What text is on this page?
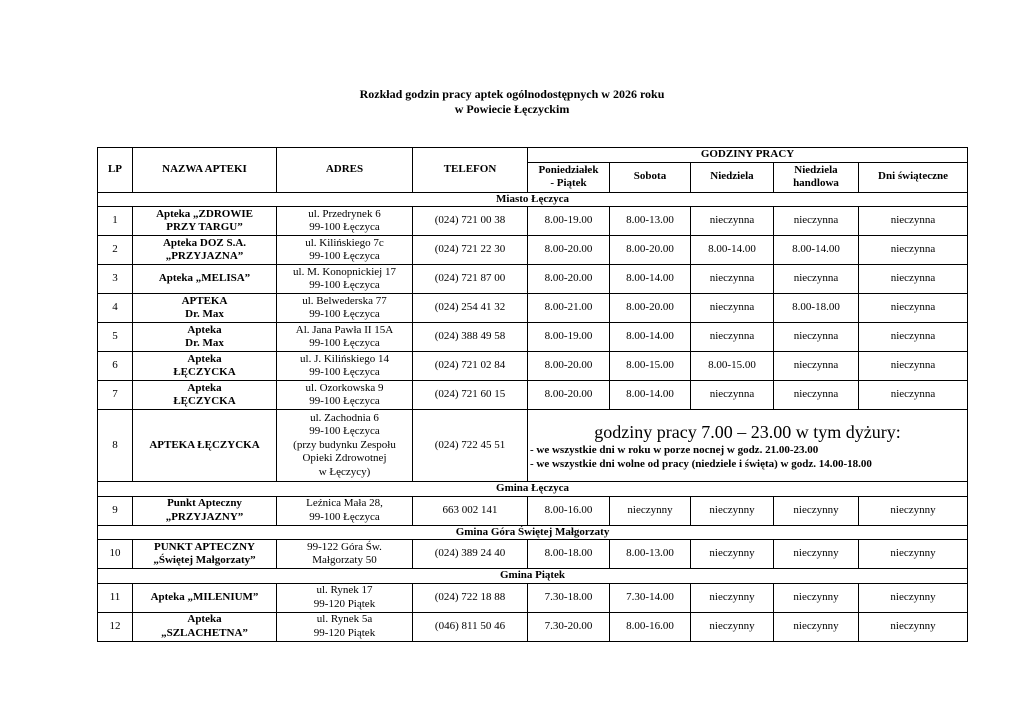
Rozkład godzin pracy aptek ogólnodostępnych w 2026 roku
w Powiecie Łęczyckim
LP	NAZWA APTEKI	ADRES	TELEFON	GODZINY PRACY				

				Poniedziałek
- Piątek	Sobota	Niedziela	Niedziela
handlowa	Dni świąteczne
Miasto Łęczyca								
1	Apteka „ZDROWIE
PRZY TARGU”	ul. Przedrynek 6
99-100 Łęczyca	(024) 721 00 38	8.00-19.00	8.00-13.00	nieczynna	nieczynna	nieczynna
2	Apteka DOZ S.A.
„PRZYJAZNA”	ul. Kilińskiego 7c
99-100 Łęczyca	(024) 721 22 30	8.00-20.00	8.00-20.00	8.00-14.00	8.00-14.00	nieczynna
3	Apteka „MELISA”	ul. M. Konopnickiej 17
99-100 Łęczyca	(024) 721 87 00	8.00-20.00	8.00-14.00	nieczynna	nieczynna	nieczynna
4	APTEKA
Dr. Max	ul. Belwederska 77
99-100 Łęczyca	(024) 254 41 32	8.00-21.00	8.00-20.00	nieczynna	8.00-18.00	nieczynna
5	Apteka
Dr. Max	Al. Jana Pawła II 15A
99-100 Łęczyca	(024) 388 49 58	8.00-19.00	8.00-14.00	nieczynna	nieczynna	nieczynna
6	Apteka
ŁĘCZYCKA	ul. J. Kilińskiego 14
99-100 Łęczyca	(024) 721 02 84	8.00-20.00	8.00-15.00	8.00-15.00	nieczynna	nieczynna
7	Apteka
ŁĘCZYCKA	ul. Ozorkowska 9
99-100 Łęczyca	(024) 721 60 15	8.00-20.00	8.00-14.00	nieczynna	nieczynna	nieczynna
8	APTEKA ŁĘCZYCKA	ul. Zachodnia 6
99-100 Łęczyca
(przy budynku Zespołu
Opieki Zdrowotnej
w Łęczycy)	(024) 722 45 51	godziny pracy 7.00 – 23.00 w tym dyżury:
- we wszystkie dni w roku w porze nocnej w godz. 21.00-23.00
- we wszystkie dni wolne od pracy (niedziele i święta) w godz. 14.00-18.00				

Gmina Łęczyca								
9	Punkt Apteczny
„PRZYJAZNY”	Leźnica Mała 28,
99-100 Łęczyca	663 002 141	8.00-16.00	nieczynny	nieczynny	nieczynny	nieczynny
Gmina Góra Świętej Małgorzaty								
10	PUNKT APTECZNY
„Świętej Małgorzaty”	99-122 Góra Św.
Małgorzaty 50	(024) 389 24 40	8.00-18.00	8.00-13.00	nieczynny	nieczynny	nieczynny
Gmina Piątek								
11	Apteka „MILENIUM”	ul. Rynek 17
99-120 Piątek	(024) 722 18 88	7.30-18.00	7.30-14.00	nieczynny	nieczynny	nieczynny
12	Apteka
„SZLACHETNA”	ul. Rynek 5a
99-120 Piątek	(046) 811 50 46	7.30-20.00	8.00-16.00	nieczynny	nieczynny	nieczynny
